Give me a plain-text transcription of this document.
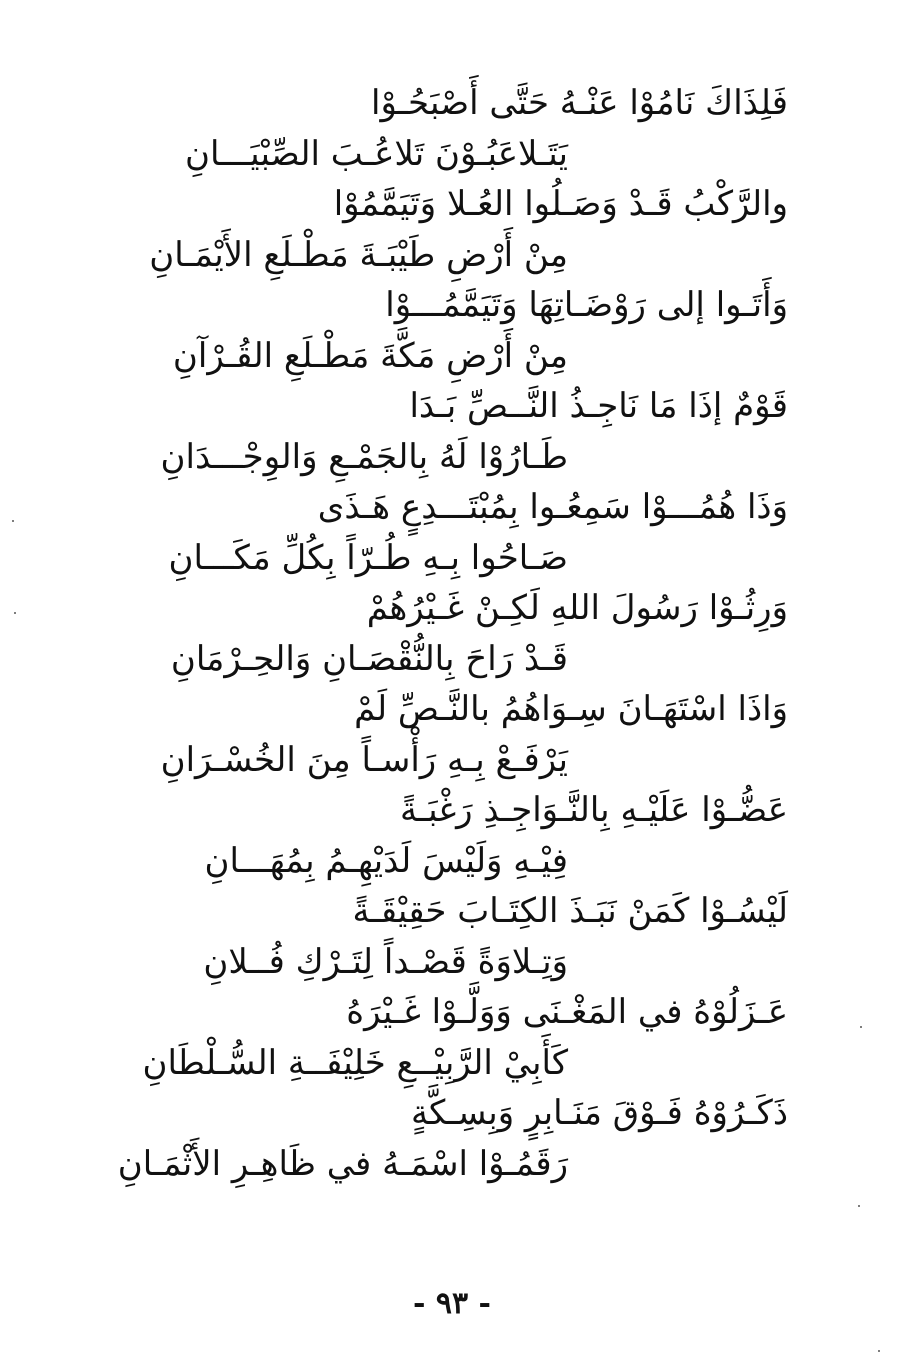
فَلِذَاكَ نَامُوْا عَنْـهُ حَتَّى أَصْبَحُـوْا
يَتَـلاعَبُـوْنَ تَلاعُـبَ الصِّبْيَـــانِ
والرَّكْبُ قَـدْ وَصَـلُوا العُـلا وَتَيَمَّمُوْا
مِنْ أَرْضِ طَيْبَـةَ مَطْـلَعِ الأَيْمَـانِ
وَأَتَـوا إلى رَوْضَـاتِهَا وَتَيَمَّمُـــوْا
مِنْ أَرْضِ مَكَّةَ مَطْـلَعِ القُـرْآنِ
قَوْمٌ إذَا مَا نَاجِـذُ النَّــصِّ بَـدَا
طَـارُوْا لَهُ بِالجَمْـعِ وَالوِجْـــدَانِ
وَذَا هُمُـــوْا سَمِعُـوا بِمُبْتَـــدِعٍ هَـذَى
صَـاحُوا بِـهِ طُـرّاً بِكُلِّ مَكَـــانِ
وَرِثُـوْا رَسُولَ اللهِ لَكِـنْ غَـيْرُهُمْ
قَـدْ رَاحَ بِالنُّقْصَـانِ وَالحِـرْمَانِ
وَاذَا اسْتَهَـانَ سِـوَاهُمُ بالنَّـصِّ لَمْ
يَرْفَـعْ بِـهِ رَأْسـاً مِنَ الخُسْـرَانِ
عَضُّـوْا عَلَيْـهِ بِالنَّـوَاجِـذِ رَغْبَـةً
فِيْـهِ وَلَيْسَ لَدَيْهِـمُ بِمُهَـــانِ
لَيْسُـوْا كَمَنْ نَبَـذَ الكِتَـابَ حَقِيْقَـةً
وَتِـلاوَةً قَصْـداً لِتَـرْكِ فُــلانِ
عَـزَلُوْهُ في المَغْـنَى وَوَلَّـوْا غَـيْرَهُ
كَأَبِيْ الرَّبِيْــعِ خَلِيْفَــةِ السُّـلْطَانِ
ذَكَـرُوْهُ فَـوْقَ مَنَـابِرٍ وَبِسِـكَّةٍ
رَقَمُـوْا اسْمَـهُ في ظَاهِـرِ الأَثْمَـانِ
- ٩٣ -
